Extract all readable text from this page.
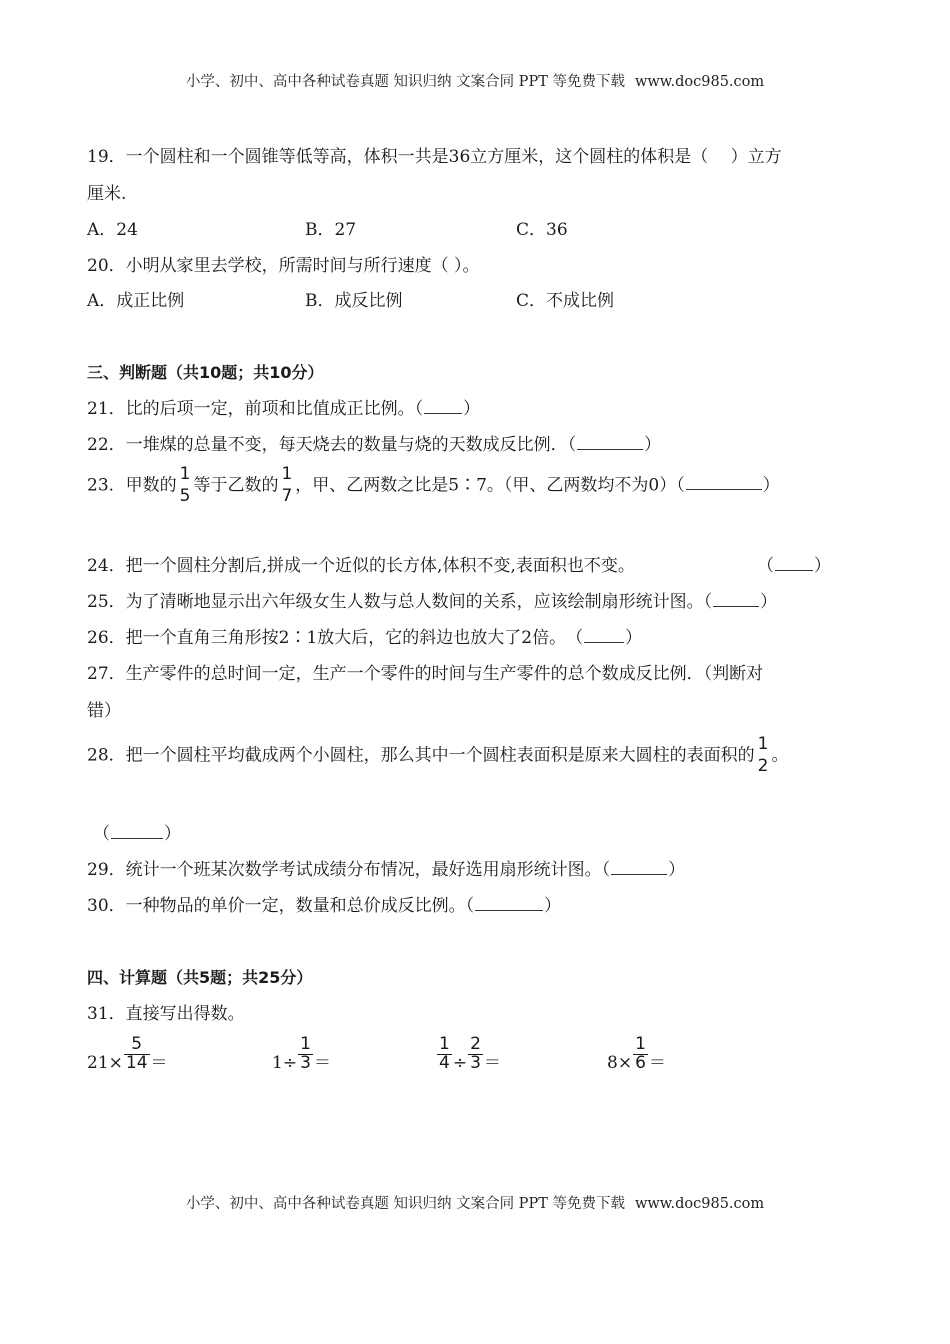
小学、初中、高中各种试卷真题 知识归纳 文案合同 PPT 等免费下载 www.doc985.com
19．一个圆柱和一个圆锥等低等高，体积一共是36立方厘米，这个圆柱的体积是（　 ）立方
厘米.
A．24	B．27	C．36
20．小明从家里去学校，所需时间与所行速度（ ）。
A．成正比例	B．成反比例	C．不成比例
三、判断题（共10题；共10分）
21．比的后项一定，前项和比值成正比例。（ ）
22．一堆煤的总量不变，每天烧去的数量与烧的天数成反比例．（	）
23．甲数的
1
5
等于乙数的
1
7
，甲、乙两数之比是5∶7。（甲、乙两数均不为0）（	）
24．把一个圆柱分割后,拼成一个近似的长方体,体积不变,表面积也不变。	（ ）
25．为了清晰地显示出六年级女生人数与总人数间的关系，应该绘制扇形统计图。（	）
26．把一个直角三角形按2∶1放大后，它的斜边也放大了2倍。　（ ）
27．生产零件的总时间一定，生产一个零件的时间与生产零件的总个数成反比例．（判断对
错）
28．把一个圆柱平均截成两个小圆柱，那么其中一个圆柱表面积是原来大圆柱的表面积的
1
2
。
（	）
29．统计一个班某次数学考试成绩分布情况，最好选用扇形统计图。（	）
30．一种物品的单价一定，数量和总价成反比例。（	）
四、计算题（共5题；共25分）
31．直接写出得数。
$21\times \frac{5}{14}$ ＝	$1\div \frac{1}{3}$ ＝	$\frac{1}{4} \div \frac{2}{3}$ ＝	$8\times \frac{1}{6}$ ＝
小学、初中、高中各种试卷真题 知识归纳 文案合同 PPT 等免费下载 www.doc985.com
